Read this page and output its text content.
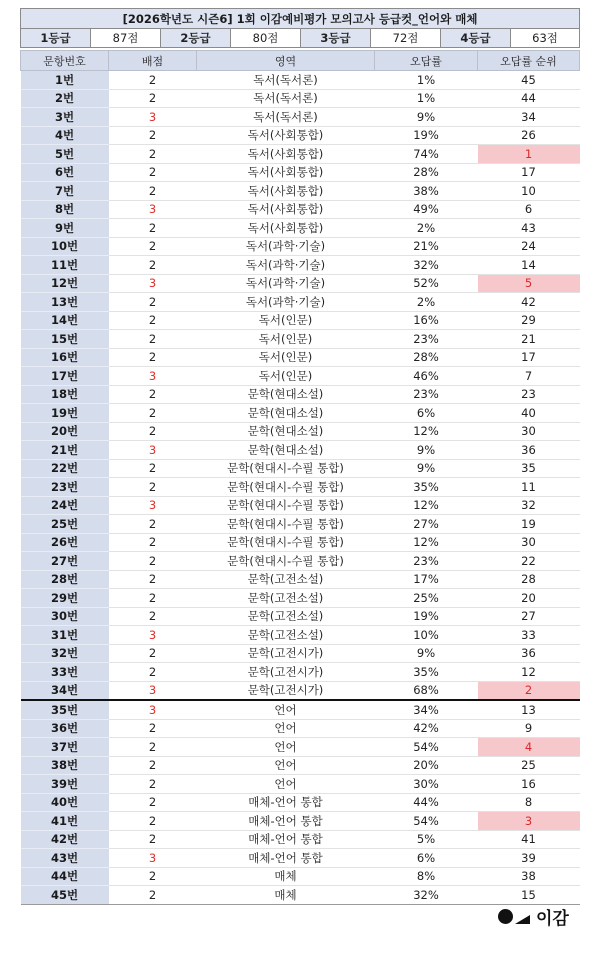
[2026학년도 시즌6] 1회 이감예비평가 모의고사 등급컷_언어와 매체
1등급	87점	2등급	80점	3등급	72점	4등급	63점
문항번호	배점	영역	오답률	오답률 순위
1번	2	독서(독서론)	1%	45
2번	2	독서(독서론)	1%	44
3번	3	독서(독서론)	9%	34
4번	2	독서(사회통합)	19%	26
5번	2	독서(사회통합)	74%	1
6번	2	독서(사회통합)	28%	17
7번	2	독서(사회통합)	38%	10
8번	3	독서(사회통합)	49%	6
9번	2	독서(사회통합)	2%	43
10번	2	독서(과학·기술)	21%	24
11번	2	독서(과학·기술)	32%	14
12번	3	독서(과학·기술)	52%	5
13번	2	독서(과학·기술)	2%	42
14번	2	독서(인문)	16%	29
15번	2	독서(인문)	23%	21
16번	2	독서(인문)	28%	17
17번	3	독서(인문)	46%	7
18번	2	문학(현대소설)	23%	23
19번	2	문학(현대소설)	6%	40
20번	2	문학(현대소설)	12%	30
21번	3	문학(현대소설)	9%	36
22번	2	문학(현대시-수필 통합)	9%	35
23번	2	문학(현대시-수필 통합)	35%	11
24번	3	문학(현대시-수필 통합)	12%	32
25번	2	문학(현대시-수필 통합)	27%	19
26번	2	문학(현대시-수필 통합)	12%	30
27번	2	문학(현대시-수필 통합)	23%	22
28번	2	문학(고전소설)	17%	28
29번	2	문학(고전소설)	25%	20
30번	2	문학(고전소설)	19%	27
31번	3	문학(고전소설)	10%	33
32번	2	문학(고전시가)	9%	36
33번	2	문학(고전시가)	35%	12
34번	3	문학(고전시가)	68%	2
35번	3	언어	34%	13
36번	2	언어	42%	9
37번	2	언어	54%	4
38번	2	언어	20%	25
39번	2	언어	30%	16
40번	2	매체-언어 통합	44%	8
41번	2	매체-언어 통합	54%	3
42번	2	매체-언어 통합	5%	41
43번	3	매체-언어 통합	6%	39
44번	2	매체	8%	38
45번	2	매체	32%	15
이감
